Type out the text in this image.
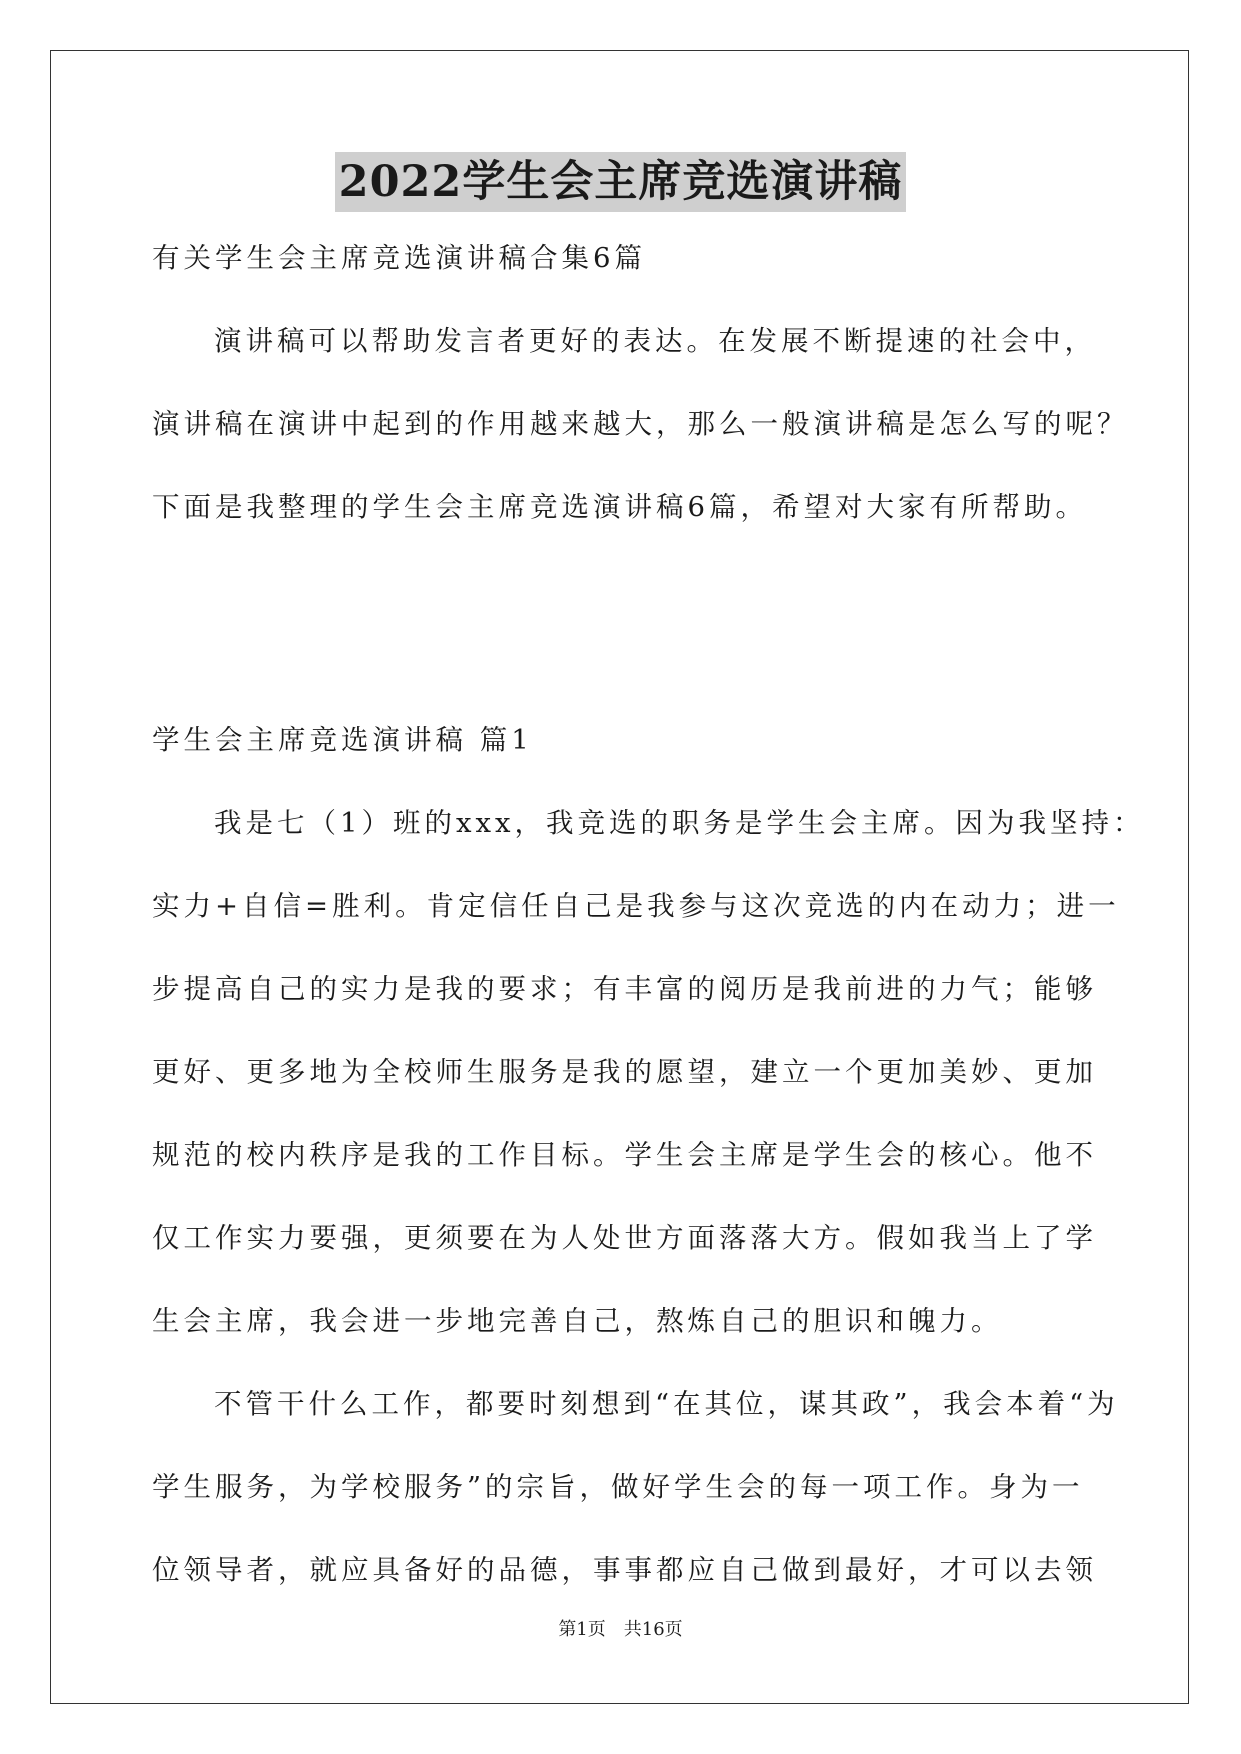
2022学生会主席竞选演讲稿
有关学生会主席竞选演讲稿合集6篇
演讲稿可以帮助发言者更好的表达。在发展不断提速的社会中，
演讲稿在演讲中起到的作用越来越大，那么一般演讲稿是怎么写的呢？
下面是我整理的学生会主席竞选演讲稿6篇，希望对大家有所帮助。
学生会主席竞选演讲稿 篇1
我是七（1）班的xxx，我竞选的职务是学生会主席。因为我坚持：
实力+自信=胜利。肯定信任自己是我参与这次竞选的内在动力；进一
步提高自己的实力是我的要求；有丰富的阅历是我前进的力气；能够
更好、更多地为全校师生服务是我的愿望，建立一个更加美妙、更加
规范的校内秩序是我的工作目标。学生会主席是学生会的核心。他不
仅工作实力要强，更须要在为人处世方面落落大方。假如我当上了学
生会主席，我会进一步地完善自己，熬炼自己的胆识和魄力。
不管干什么工作，都要时刻想到“在其位，谋其政”，我会本着“为
学生服务，为学校服务”的宗旨，做好学生会的每一项工作。身为一
位领导者，就应具备好的品德，事事都应自己做到最好，才可以去领
第1页　共16页
